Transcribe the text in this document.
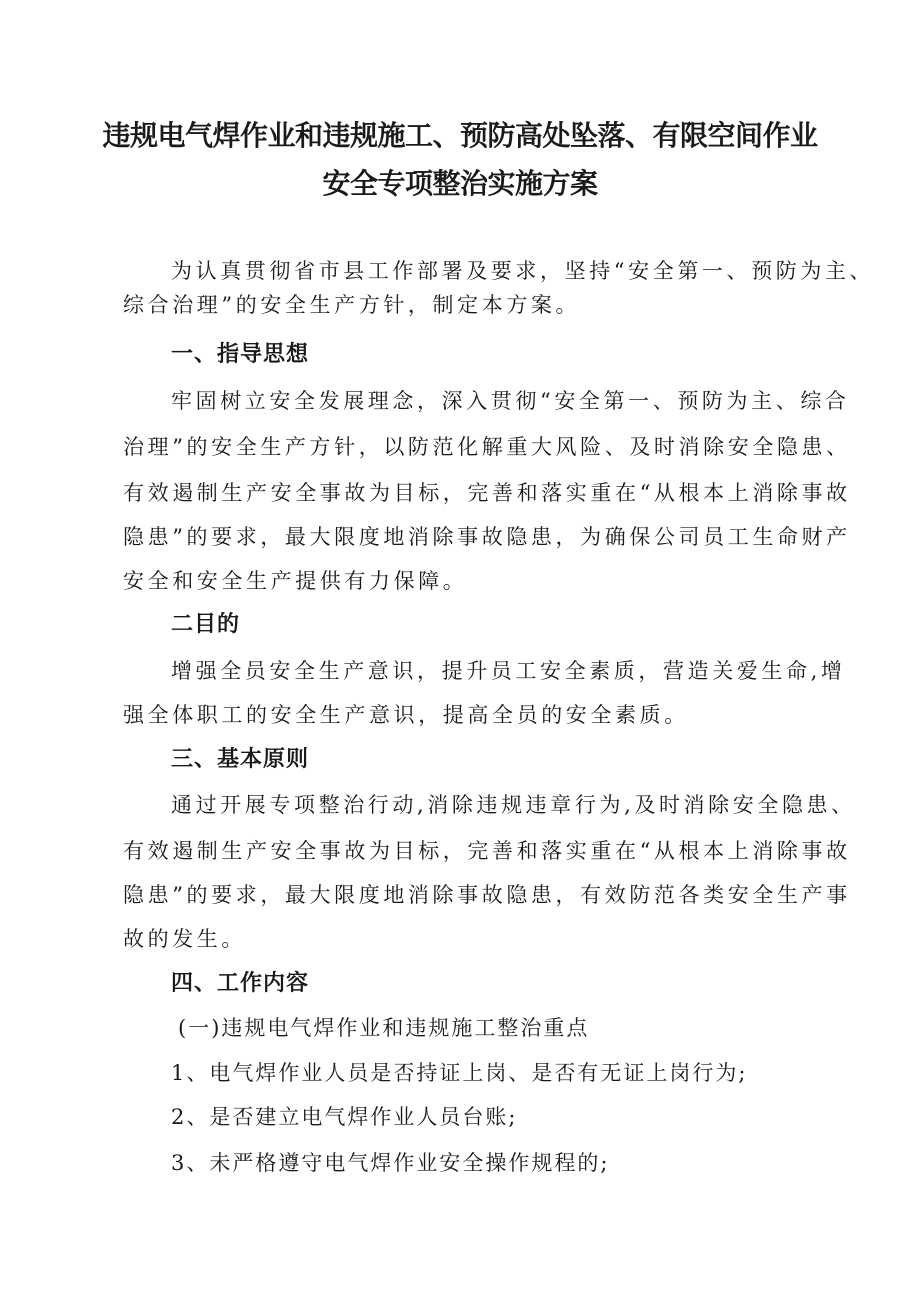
违规电气焊作业和违规施工、预防高处坠落、有限空间作业
安全专项整治实施方案
为认真贯彻省市县工作部署及要求，坚持“安全第一、预防为主、
综合治理”的安全生产方针，制定本方案。
一、指导思想
牢固树立安全发展理念，深入贯彻“安全第一、预防为主、综合
治理”的安全生产方针，以防范化解重大风险、及时消除安全隐患、
有效遏制生产安全事故为目标，完善和落实重在“从根本上消除事故
隐患”的要求，最大限度地消除事故隐患，为确保公司员工生命财产
安全和安全生产提供有力保障。
二目的
增强全员安全生产意识，提升员工安全素质，营造关爱生命,增
强全体职工的安全生产意识，提高全员的安全素质。
三、基本原则
通过开展专项整治行动,消除违规违章行为,及时消除安全隐患、
有效遏制生产安全事故为目标，完善和落实重在“从根本上消除事故
隐患”的要求，最大限度地消除事故隐患，有效防范各类安全生产事
故的发生。
四、工作内容
(一)违规电气焊作业和违规施工整治重点
1、电气焊作业人员是否持证上岗、是否有无证上岗行为;
2、是否建立电气焊作业人员台账;
3、未严格遵守电气焊作业安全操作规程的;
